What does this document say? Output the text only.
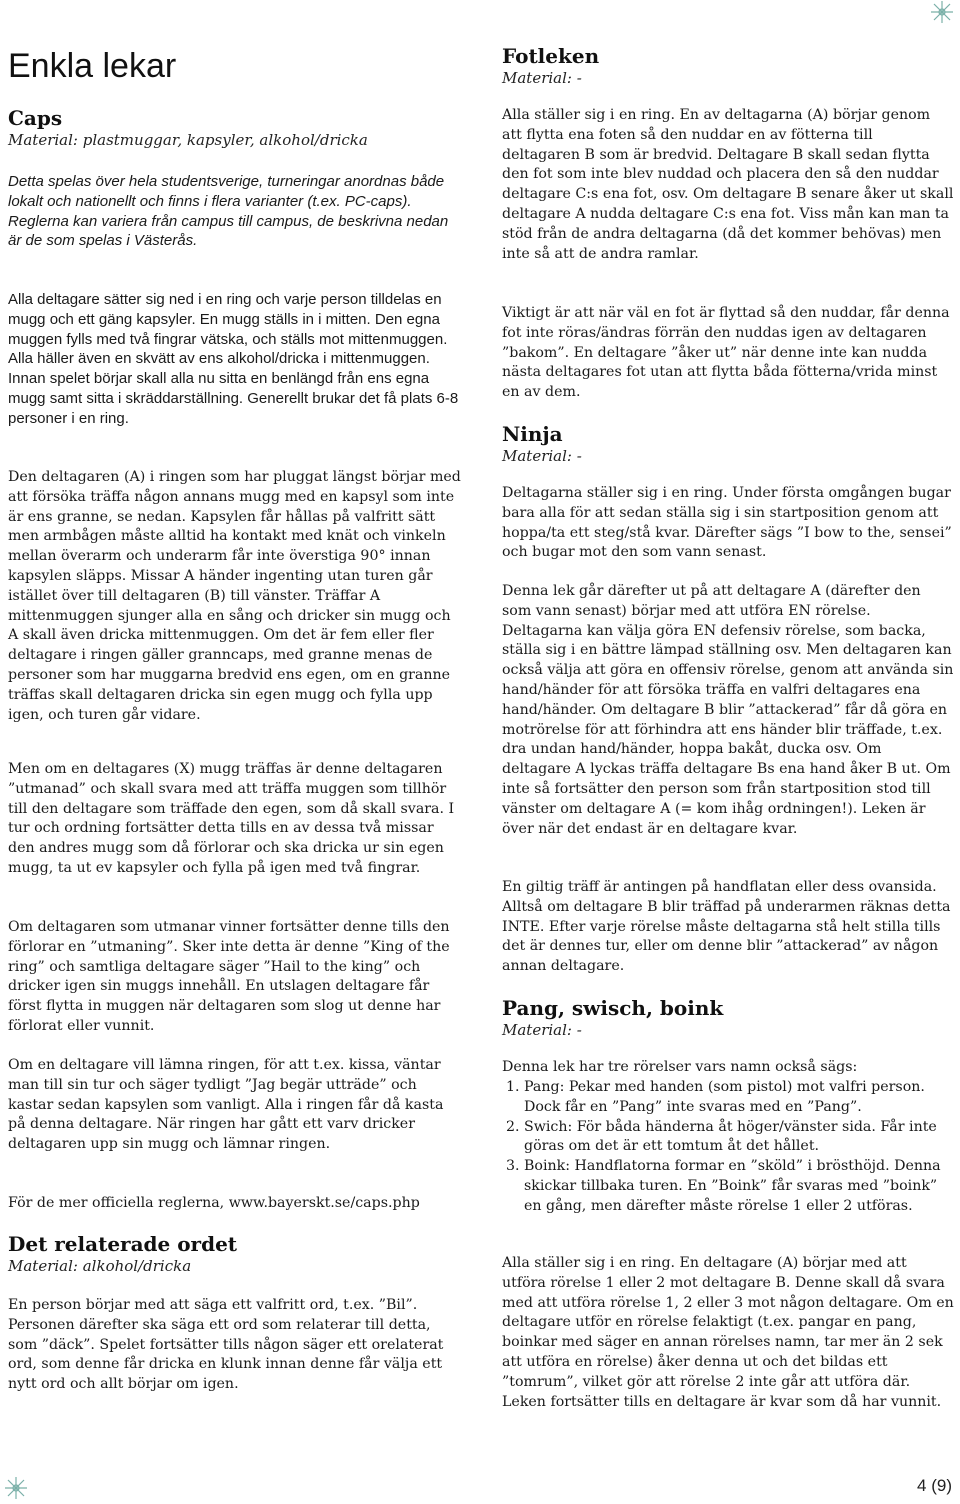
Enkla lekar
Caps

Material: plastmuggar, kapsyler, alkohol/dricka

Detta spelas över hela studentsverige, turneringar anordnas både lokalt och nationellt och finns i flera varianter (t.ex. PC-caps). Reglerna kan variera från campus till campus, de beskrivna nedan är de som spelas i Västerås.

Alla deltagare sätter sig ned i en ring och varje person tilldelas en mugg och ett gäng kapsyler. En mugg ställs in i mitten. Den egna muggen fylls med två fingrar vätska, och ställs mot mittenmuggen. Alla häller även en skvätt av ens alkohol/dricka i mittenmuggen. Innan spelet börjar skall alla nu sitta en benlängd från ens egna mugg samt sitta i skräddarställning. Generellt brukar det få plats 6-8 personer i en ring.

Den deltagaren (A) i ringen som har pluggat längst börjar med att försöka träffa någon annans mugg med en kapsyl som inte är ens granne, se nedan. Kapsylen får hållas på valfritt sätt men armbågen måste alltid ha kontakt med knät och vinkeln mellan överarm och underarm får inte överstiga 90° innan kapsylen släpps. Missar A händer ingenting utan turen går istället över till deltagaren (B) till vänster. Träffar A mittenmuggen sjunger alla en sång och dricker sin mugg och A skall även dricka mittenmuggen. Om det är fem eller fler deltagare i ringen gäller granncaps, med granne menas de personer som har muggarna bredvid ens egen, om en granne träffas skall deltagaren dricka sin egen mugg och fylla upp igen, och turen går vidare.

Men om en deltagares (X) mugg träffas är denne deltagaren ”utmanad” och skall svara med att träffa muggen som tillhör till den deltagare som träffade den egen, som då skall svara. I tur och ordning fortsätter detta tills en av dessa två missar den andres mugg som då förlorar och ska dricka ur sin egen mugg, ta ut ev kapsyler och fylla på igen med två fingrar.

Om deltagaren som utmanar vinner fortsätter denne tills den förlorar en ”utmaning”. Sker inte detta är denne ”King of the ring” och samtliga deltagare säger ”Hail to the king” och dricker igen sin muggs innehåll. En utslagen deltagare får först flytta in muggen när deltagaren som slog ut denne har förlorat eller vunnit.

Om en deltagare vill lämna ringen, för att t.ex. kissa, väntar man till sin tur och säger tydligt ”Jag begär utträde” och kastar sedan kapsylen som vanligt. Alla i ringen får då kasta på denna deltagare. När ringen har gått ett varv dricker deltagaren upp sin mugg och lämnar ringen.

För de mer officiella reglerna, www.bayerskt.se/caps.php

Det relaterade ordet

Material: alkohol/dricka

En person börjar med att säga ett valfritt ord, t.ex. ”Bil”. Personen därefter ska säga ett ord som relaterar till detta, som ”däck”. Spelet fortsätter tills någon säger ett orelaterat ord, som denne får dricka en klunk innan denne får välja ett nytt ord och allt börjar om igen.

Fotleken

Material: -

Alla ställer sig i en ring. En av deltagarna (A) börjar genom att flytta ena foten så den nuddar en av fötterna till deltagaren B som är bredvid. Deltagare B skall sedan flytta den fot som inte blev nuddad och placera den så den nuddar deltagare C:s ena fot, osv. Om deltagare B senare åker ut skall deltagare A nudda deltagare C:s ena fot. Viss mån kan man ta stöd från de andra deltagarna (då det kommer behövas) men inte så att de andra ramlar.

Viktigt är att när väl en fot är flyttad så den nuddar, får denna fot inte röras/ändras förrän den nuddas igen av deltagaren ”bakom”. En deltagare ”åker ut” när denne inte kan nudda nästa deltagares fot utan att flytta båda fötterna/vrida minst en av dem.

Ninja

Material: -

Deltagarna ställer sig i en ring. Under första omgången bugar bara alla för att sedan ställa sig i sin startposition genom att hoppa/ta ett steg/stå kvar. Därefter sägs ”I bow to the, sensei” och bugar mot den som vann senast.

Denna lek går därefter ut på att deltagare A (därefter den som vann senast) börjar med att utföra EN rörelse. Deltagarna kan välja göra EN defensiv rörelse, som backa, ställa sig i en bättre lämpad ställning osv. Men deltagaren kan också välja att göra en offensiv rörelse, genom att använda sin hand/händer för att försöka träffa en valfri deltagares ena hand/händer. Om deltagare B blir ”attackerad” får då göra en motrörelse för att förhindra att ens händer blir träffade, t.ex. dra undan hand/händer, hoppa bakåt, ducka osv. Om deltagare A lyckas träffa deltagare Bs ena hand åker B ut. Om inte så fortsätter den person som från startposition stod till vänster om deltagare A (= kom ihåg ordningen!). Leken är över när det endast är en deltagare kvar.

En giltig träff är antingen på handflatan eller dess ovansida. Alltså om deltagare B blir träffad på underarmen räknas detta INTE. Efter varje rörelse måste deltagarna stå helt stilla tills det är dennes tur, eller om denne blir ”attackerad” av någon annan deltagare.

Pang, swisch, boink

Material: -

Denna lek har tre rörelser vars namn också sägs:

1. Pang: Pekar med handen (som pistol) mot valfri person. Dock får en ”Pang” inte svaras med en ”Pang”.
2. Swich: För båda händerna åt höger/vänster sida. Får inte göras om det är ett tomtum åt det hållet.
3. Boink: Handflatorna formar en ”sköld” i brösthöjd. Denna skickar tillbaka turen. En ”Boink” får svaras med ”boink” en gång, men därefter måste rörelse 1 eller 2 utföras.

Alla ställer sig i en ring. En deltagare (A) börjar med att utföra rörelse 1 eller 2 mot deltagare B. Denne skall då svara med att utföra rörelse 1, 2 eller 3 mot någon deltagare. Om en deltagare utför en rörelse felaktigt (t.ex. pangar en pang, boinkar med säger en annan rörelses namn, tar mer än 2 sek att utföra en rörelse) åker denna ut och det bildas ett ”tomrum”, vilket gör att rörelse 2 inte går att utföra där. Leken fortsätter tills en deltagare är kvar som då har vunnit.

4 (9)
